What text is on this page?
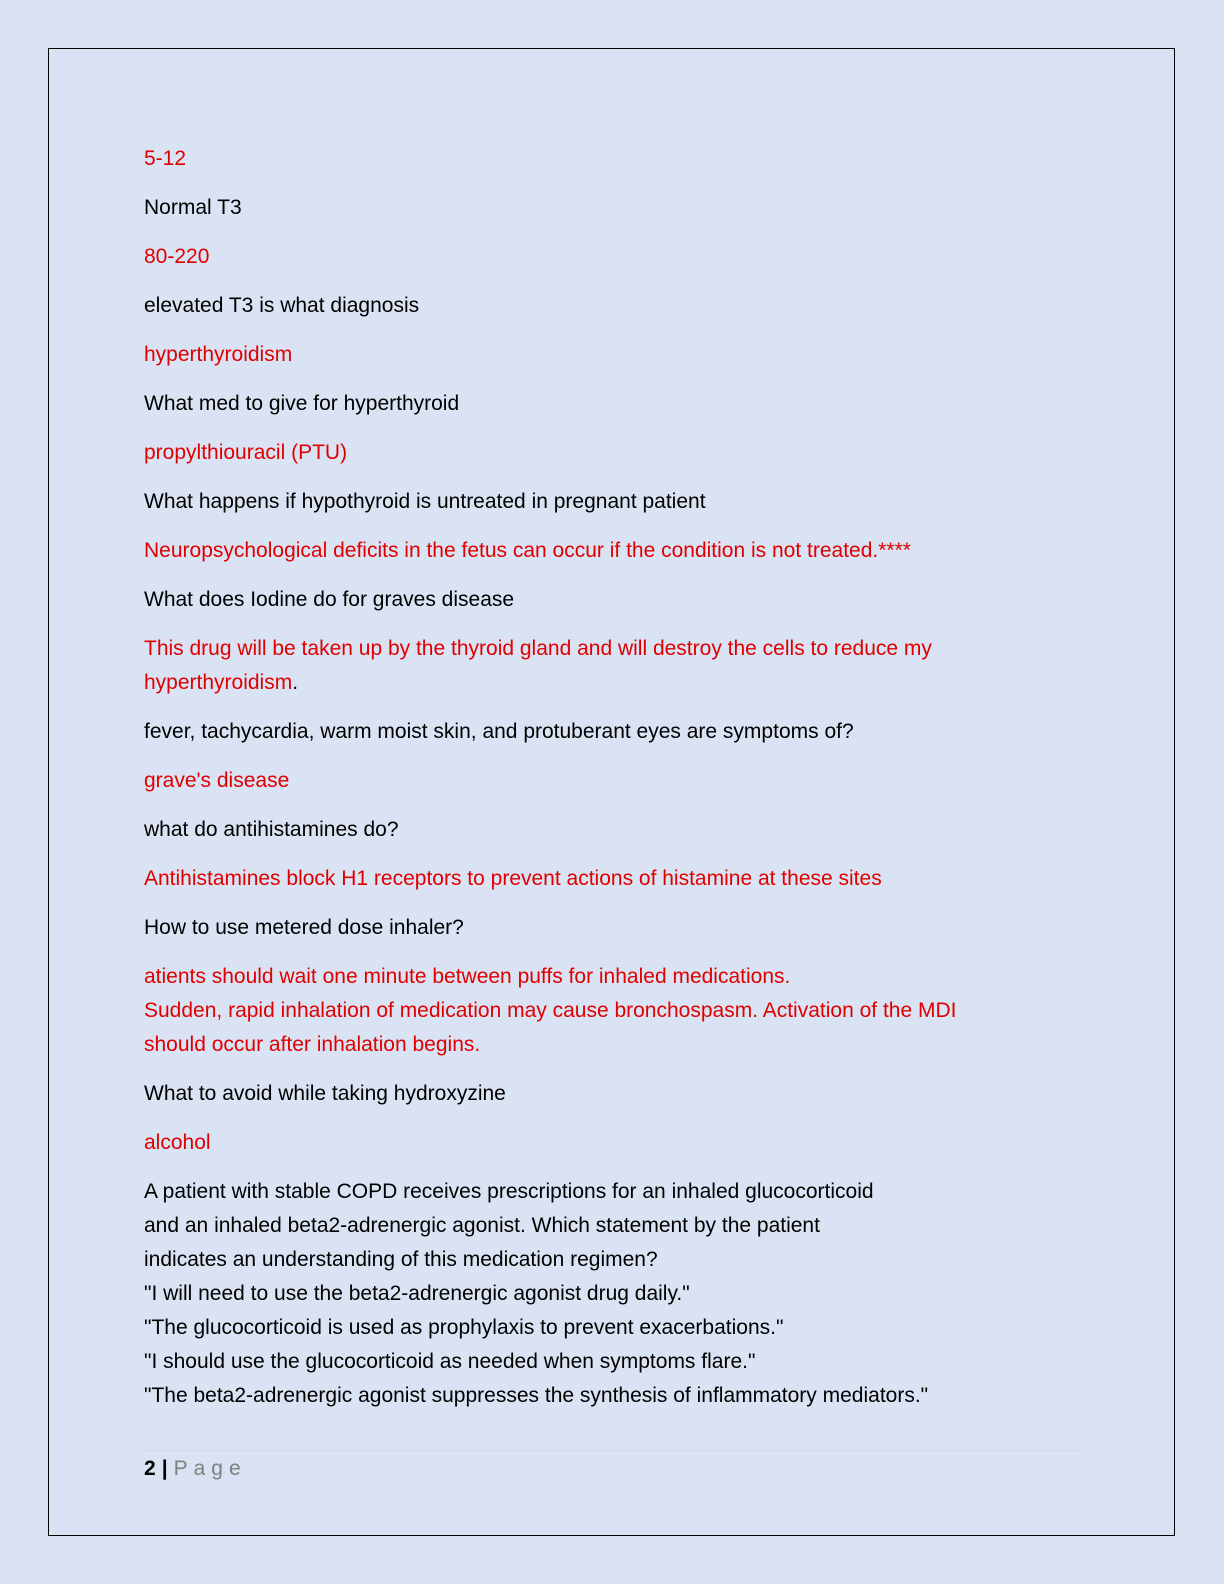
5-12
Normal T3
80-220
elevated T3 is what diagnosis
hyperthyroidism
What med to give for hyperthyroid
propylthiouracil (PTU)
What happens if hypothyroid is untreated in pregnant patient
Neuropsychological deficits in the fetus can occur if the condition is not treated.****
What does Iodine do for graves disease
This drug will be taken up by the thyroid gland and will destroy the cells to reduce my
hyperthyroidism.
fever, tachycardia, warm moist skin, and protuberant eyes are symptoms of?
grave's disease
what do antihistamines do?
Antihistamines block H1 receptors to prevent actions of histamine at these sites
How to use metered dose inhaler?
atients should wait one minute between puffs for inhaled medications.
Sudden, rapid inhalation of medication may cause bronchospasm. Activation of the MDI
should occur after inhalation begins.
What to avoid while taking hydroxyzine
alcohol
A patient with stable COPD receives prescriptions for an inhaled glucocorticoid
and an inhaled beta2-adrenergic agonist. Which statement by the patient
indicates an understanding of this medication regimen?
"I will need to use the beta2-adrenergic agonist drug daily."
"The glucocorticoid is used as prophylaxis to prevent exacerbations."
"I should use the glucocorticoid as needed when symptoms flare."
"The beta2-adrenergic agonist suppresses the synthesis of inflammatory mediators."
2 | Page
